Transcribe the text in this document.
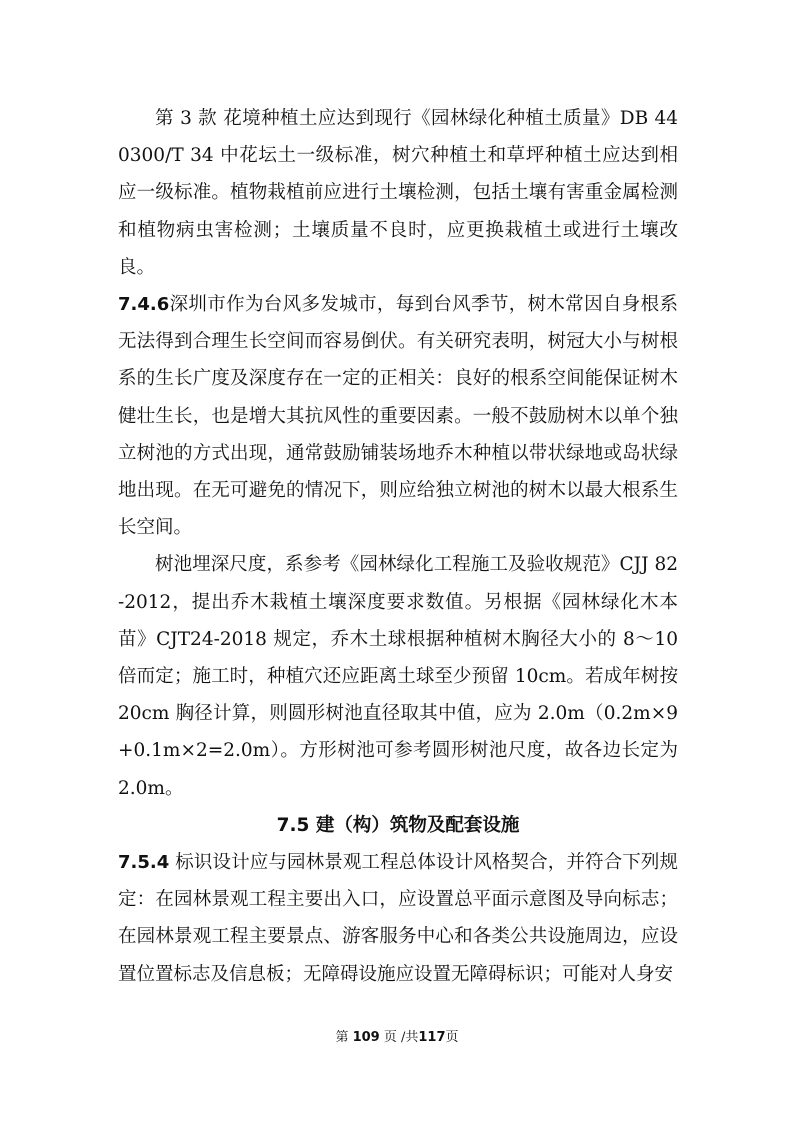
第 3 款 花境种植土应达到现行《园林绿化种植土质量》DB 440300/T 34 中花坛土一级标准，树穴种植土和草坪种植土应达到相应一级标准。植物栽植前应进行土壤检测，包括土壤有害重金属检测和植物病虫害检测；土壤质量不良时，应更换栽植土或进行土壤改良。

7.4.6深圳市作为台风多发城市，每到台风季节，树木常因自身根系无法得到合理生长空间而容易倒伏。有关研究表明，树冠大小与树根系的生长广度及深度存在一定的正相关：良好的根系空间能保证树木健壮生长，也是增大其抗风性的重要因素。一般不鼓励树木以单个独立树池的方式出现，通常鼓励铺装场地乔木种植以带状绿地或岛状绿地出现。在无可避免的情况下，则应给独立树池的树木以最大根系生长空间。

树池埋深尺度，系参考《园林绿化工程施工及验收规范》CJJ 82-2012，提出乔木栽植土壤深度要求数值。另根据《园林绿化木本苗》CJT24-2018 规定，乔木土球根据种植树木胸径大小的 8～10 倍而定；施工时，种植穴还应距离土球至少预留 10cm。若成年树按 20cm 胸径计算，则圆形树池直径取其中值，应为 2.0m（0.2m×9+0.1m×2=2.0m）。方形树池可参考圆形树池尺度，故各边长定为 2.0m。

7.5 建（构）筑物及配套设施

7.5.4 标识设计应与园林景观工程总体设计风格契合，并符合下列规定：在园林景观工程主要出入口，应设置总平面示意图及导向标志；在园林景观工程主要景点、游客服务中心和各类公共设施周边，应设置位置标志及信息板；无障碍设施应设置无障碍标识；可能对人身安

第 109 页 /共117页
